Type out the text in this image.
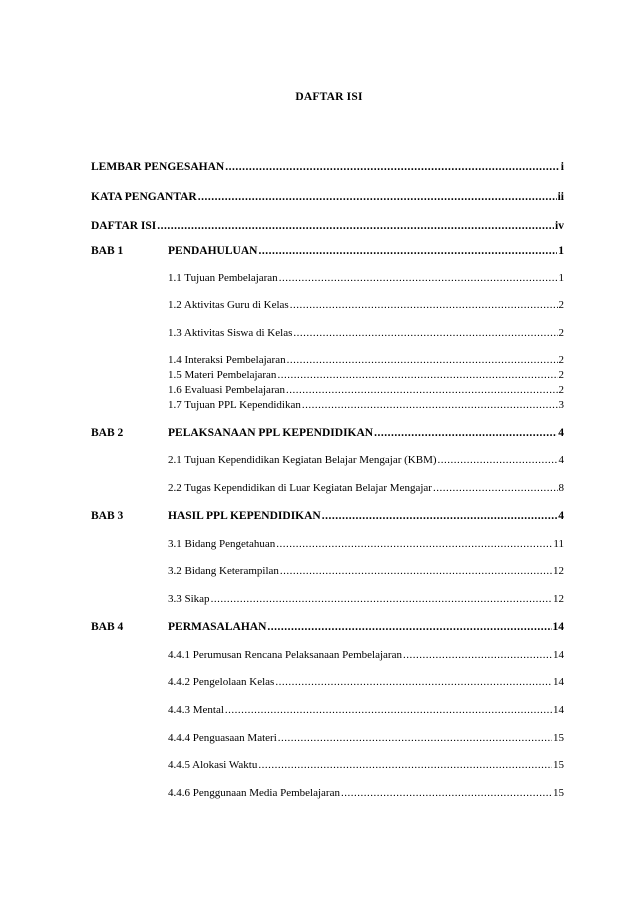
DAFTAR ISI
LEMBAR PENGESAHAN .....	i
KATA PENGANTAR .....	ii
DAFTAR ISI .....	iv
BAB 1	PENDAHULUAN .....	1
1.1 Tujuan Pembelajaran .....	1
1.2 Aktivitas Guru di Kelas .....	2
1.3 Aktivitas Siswa di Kelas .....	2
1.4 Interaksi Pembelajaran .....	2
1.5 Materi Pembelajaran .....	2
1.6 Evaluasi Pembelajaran .....	2
1.7 Tujuan PPL Kependidikan .....	3
BAB 2	PELAKSANAAN PPL KEPENDIDIKAN .....	4
2.1 Tujuan Kependidikan Kegiatan Belajar Mengajar (KBM) .....	4
2.2 Tugas Kependidikan di Luar Kegiatan Belajar Mengajar .....	8
BAB 3	HASIL PPL KEPENDIDIKAN .....	4
3.1 Bidang Pengetahuan .....	11
3.2 Bidang Keterampilan .....	12
3.3 Sikap .....	12
BAB 4	PERMASALAHAN .....	14
4.4.1 Perumusan Rencana Pelaksanaan Pembelajaran .....	14
4.4.2 Pengelolaan Kelas .....	14
4.4.3 Mental .....	14
4.4.4 Penguasaan Materi .....	15
4.4.5 Alokasi Waktu .....	15
4.4.6 Penggunaan Media Pembelajaran .....	15
